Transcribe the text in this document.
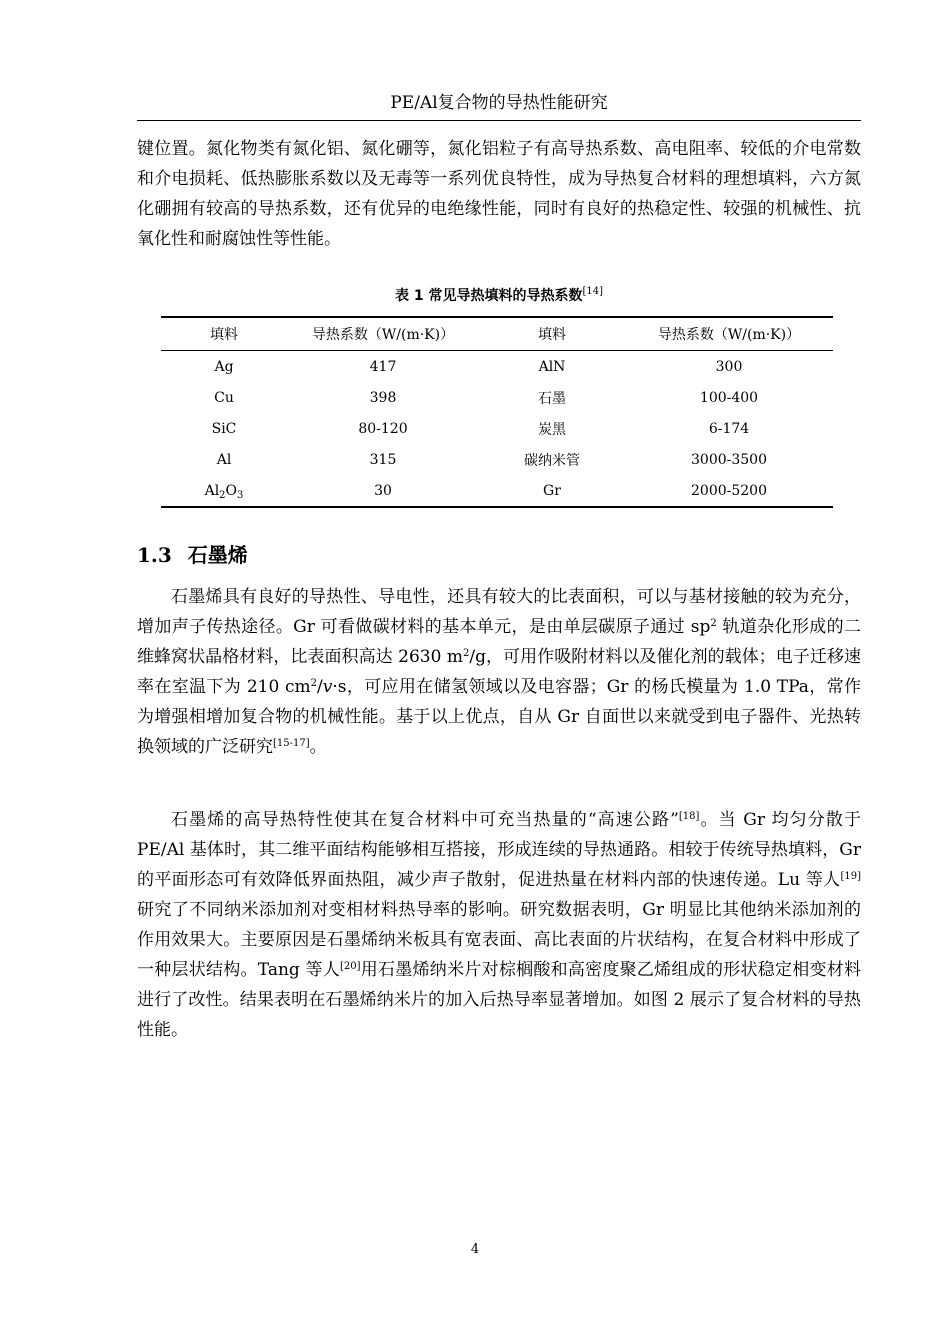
PE/Al复合物的导热性能研究

键位置。氮化物类有氮化铝、氮化硼等，氮化铝粒子有高导热系数、高电阻率、较低的介电常数和介电损耗、低热膨胀系数以及无毒等一系列优良特性，成为导热复合材料的理想填料，六方氮化硼拥有较高的导热系数，还有优异的电绝缘性能，同时有良好的热稳定性、较强的机械性、抗氧化性和耐腐蚀性等性能。

表 1 常见导热填料的导热系数[14]
填料	导热系数（W/(m·K)）	填料	导热系数（W/(m·K)）
Ag	417	AlN	300
Cu	398	石墨	100-400
SiC	80-120	炭黑	6-174
Al	315	碳纳米管	3000-3500
$Al_2O_3$	30	Gr	2000-5200
1.3 石墨烯

石墨烯具有良好的导热性、导电性，还具有较大的比表面积，可以与基材接触的较为充分，增加声子传热途径。Gr 可看做碳材料的基本单元，是由单层碳原子通过 $sp^2$ 轨道杂化形成的二维蜂窝状晶格材料，比表面积高达 2630 $m^2/g$，可用作吸附材料以及催化剂的载体；电子迁移速率在室温下为 210 $cm^2/v\cdot s$，可应用在储氢领域以及电容器；Gr 的杨氏模量为 1.0 TPa，常作为增强相增加复合物的机械性能。基于以上优点，自从 Gr 自面世以来就受到电子器件、光热转换领域的广泛研究[15-17]。

石墨烯的高导热特性使其在复合材料中可充当热量的“高速公路”[18]。当 Gr 均匀分散于 PE/Al 基体时，其二维平面结构能够相互搭接，形成连续的导热通路。相较于传统导热填料，Gr 的平面形态可有效降低界面热阻，减少声子散射，促进热量在材料内部的快速传递。Lu 等人[19]研究了不同纳米添加剂对变相材料热导率的影响。研究数据表明，Gr 明显比其他纳米添加剂的作用效果大。主要原因是石墨烯纳米板具有宽表面、高比表面的片状结构，在复合材料中形成了一种层状结构。Tang 等人[20]用石墨烯纳米片对棕榈酸和高密度聚乙烯组成的形状稳定相变材料进行了改性。结果表明在石墨烯纳米片的加入后热导率显著增加。如图 2 展示了复合材料的导热性能。

4
